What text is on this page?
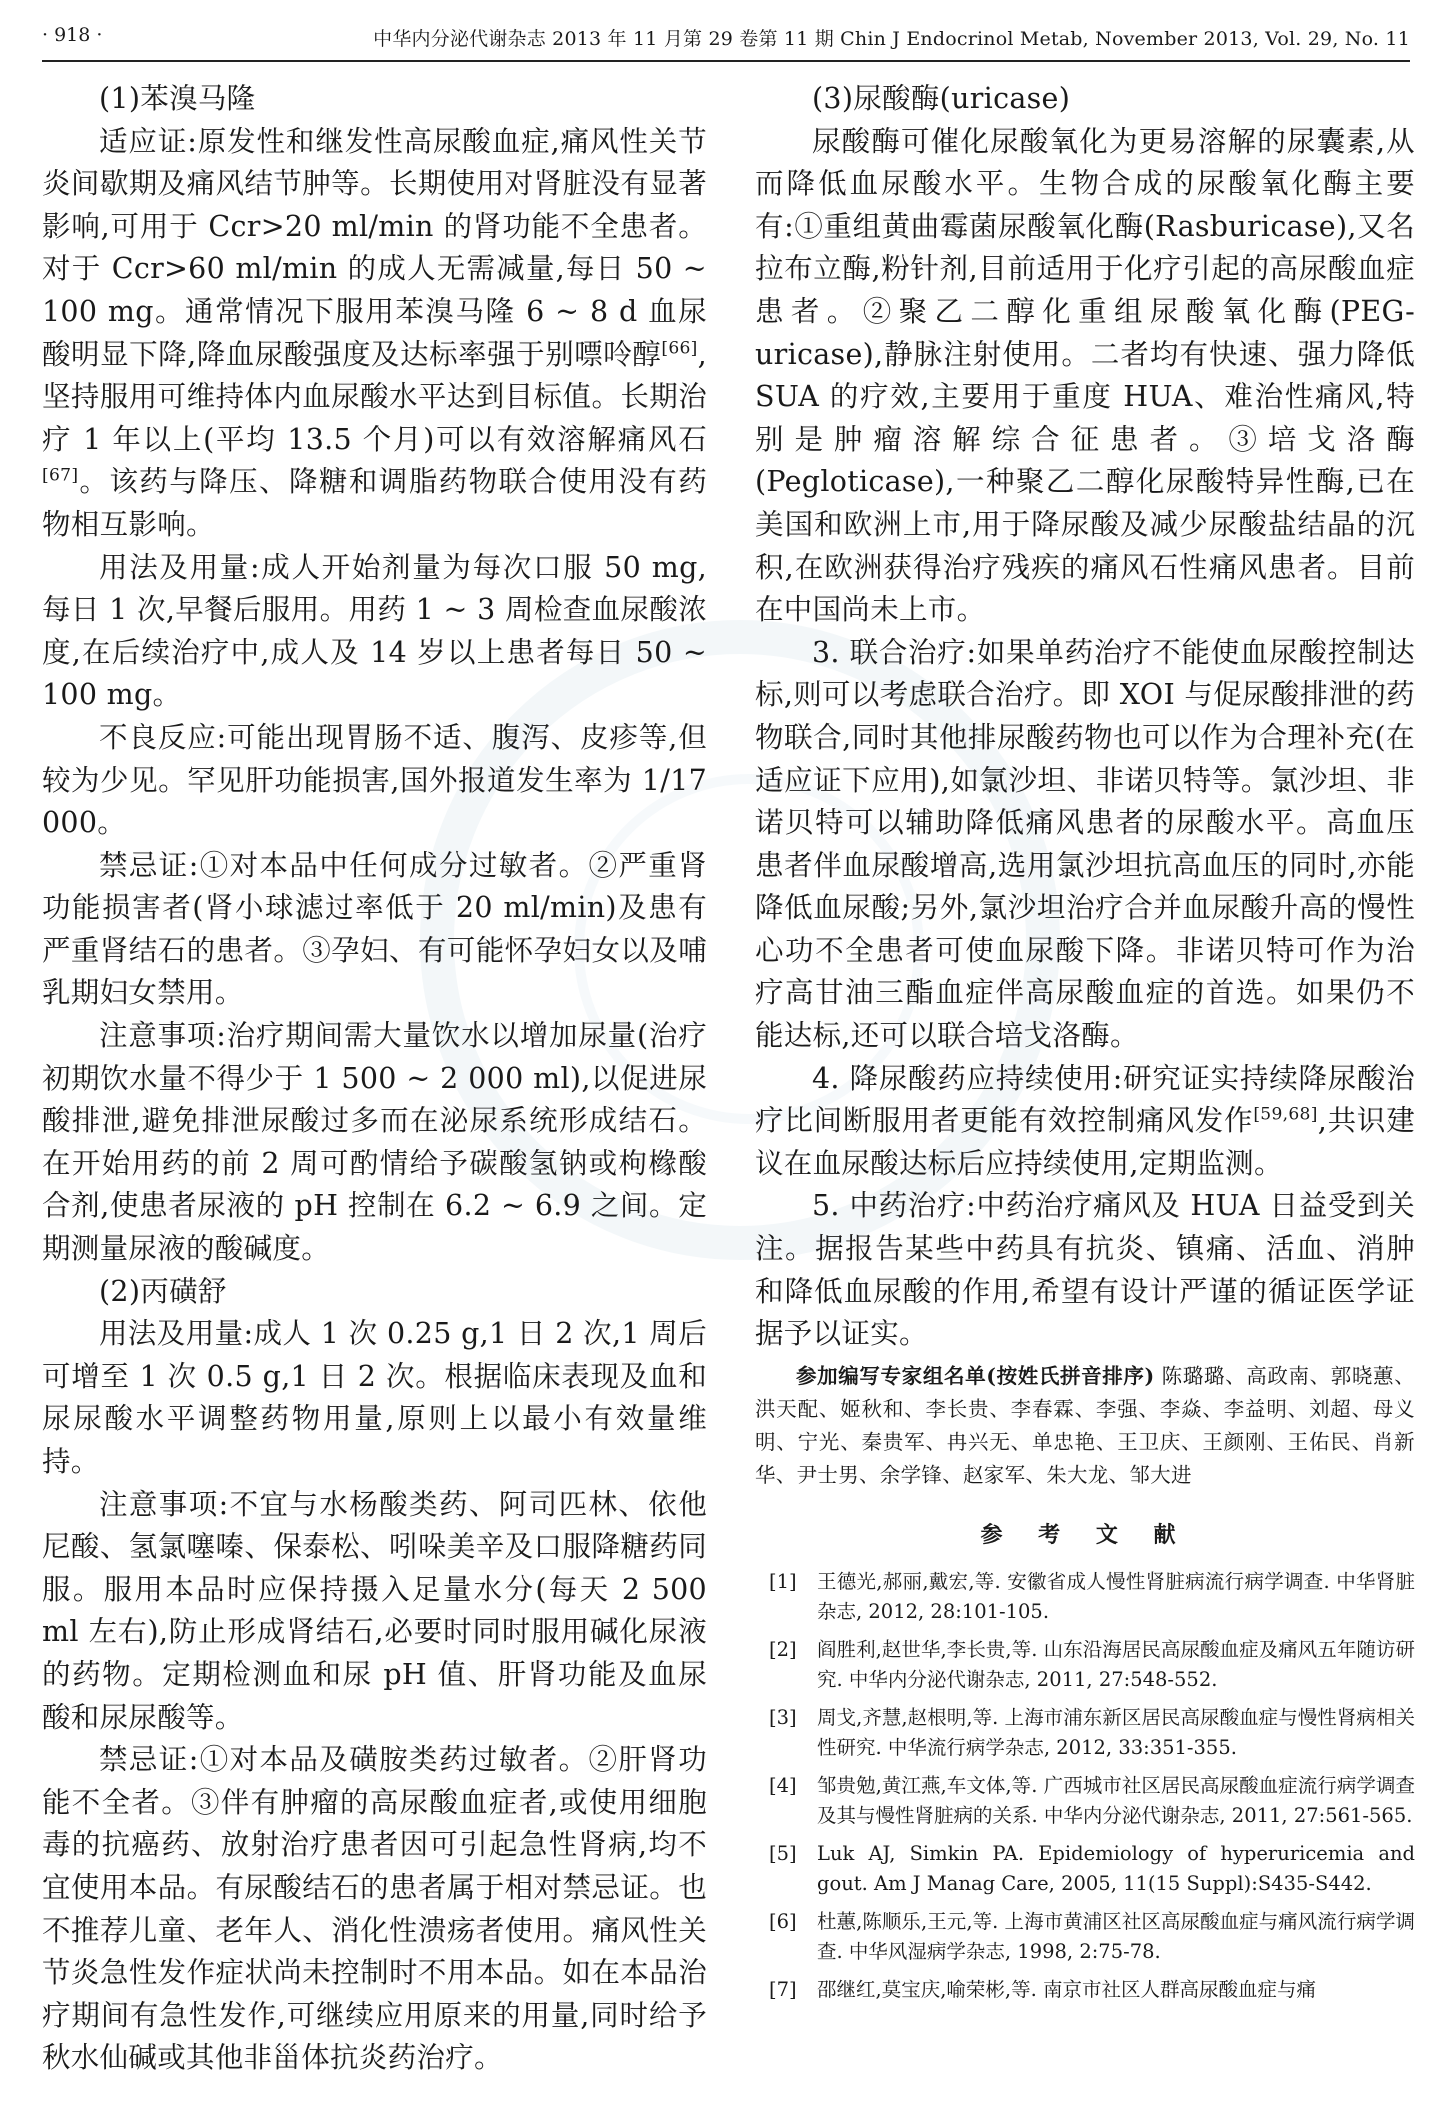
· 918 ·	中华内分泌代谢杂志 2013 年 11 月第 29 卷第 11 期 Chin J Endocrinol Metab, November 2013, Vol. 29, No. 11

(1)苯溴马隆

适应证:原发性和继发性高尿酸血症,痛风性关节炎间歇期及痛风结节肿等。长期使用对肾脏没有显著影响,可用于 Ccr>20 ml/min 的肾功能不全患者。对于 Ccr>60 ml/min 的成人无需减量,每日 50 ~ 100 mg。通常情况下服用苯溴马隆 6 ~ 8 d 血尿酸明显下降,降血尿酸强度及达标率强于别嘌呤醇[66],坚持服用可维持体内血尿酸水平达到目标值。长期治疗 1 年以上(平均 13.5 个月)可以有效溶解痛风石[67]。该药与降压、降糖和调脂药物联合使用没有药物相互影响。

用法及用量:成人开始剂量为每次口服 50 mg,每日 1 次,早餐后服用。用药 1 ~ 3 周检查血尿酸浓度,在后续治疗中,成人及 14 岁以上患者每日 50 ~ 100 mg。

不良反应:可能出现胃肠不适、腹泻、皮疹等,但较为少见。罕见肝功能损害,国外报道发生率为 1/17 000。

禁忌证:①对本品中任何成分过敏者。②严重肾功能损害者(肾小球滤过率低于 20 ml/min)及患有严重肾结石的患者。③孕妇、有可能怀孕妇女以及哺乳期妇女禁用。

注意事项:治疗期间需大量饮水以增加尿量(治疗初期饮水量不得少于 1 500 ~ 2 000 ml),以促进尿酸排泄,避免排泄尿酸过多而在泌尿系统形成结石。在开始用药的前 2 周可酌情给予碳酸氢钠或枸橼酸合剂,使患者尿液的 pH 控制在 6.2 ~ 6.9 之间。定期测量尿液的酸碱度。

(2)丙磺舒

用法及用量:成人 1 次 0.25 g,1 日 2 次,1 周后可增至 1 次 0.5 g,1 日 2 次。根据临床表现及血和尿尿酸水平调整药物用量,原则上以最小有效量维持。

注意事项:不宜与水杨酸类药、阿司匹林、依他尼酸、氢氯噻嗪、保泰松、吲哚美辛及口服降糖药同服。服用本品时应保持摄入足量水分(每天 2 500 ml 左右),防止形成肾结石,必要时同时服用碱化尿液的药物。定期检测血和尿 pH 值、肝肾功能及血尿酸和尿尿酸等。

禁忌证:①对本品及磺胺类药过敏者。②肝肾功能不全者。③伴有肿瘤的高尿酸血症者,或使用细胞毒的抗癌药、放射治疗患者因可引起急性肾病,均不宜使用本品。有尿酸结石的患者属于相对禁忌证。也不推荐儿童、老年人、消化性溃疡者使用。痛风性关节炎急性发作症状尚未控制时不用本品。如在本品治疗期间有急性发作,可继续应用原来的用量,同时给予秋水仙碱或其他非甾体抗炎药治疗。

(3)尿酸酶(uricase)

尿酸酶可催化尿酸氧化为更易溶解的尿囊素,从而降低血尿酸水平。生物合成的尿酸氧化酶主要有:①重组黄曲霉菌尿酸氧化酶(Rasburicase),又名拉布立酶,粉针剂,目前适用于化疗引起的高尿酸血症患者。②聚乙二醇化重组尿酸氧化酶(PEG-uricase),静脉注射使用。二者均有快速、强力降低 SUA 的疗效,主要用于重度 HUA、难治性痛风,特别是肿瘤溶解综合征患者。③培戈洛酶(Pegloticase),一种聚乙二醇化尿酸特异性酶,已在美国和欧洲上市,用于降尿酸及减少尿酸盐结晶的沉积,在欧洲获得治疗残疾的痛风石性痛风患者。目前在中国尚未上市。

3. 联合治疗:如果单药治疗不能使血尿酸控制达标,则可以考虑联合治疗。即 XOI 与促尿酸排泄的药物联合,同时其他排尿酸药物也可以作为合理补充(在适应证下应用),如氯沙坦、非诺贝特等。氯沙坦、非诺贝特可以辅助降低痛风患者的尿酸水平。高血压患者伴血尿酸增高,选用氯沙坦抗高血压的同时,亦能降低血尿酸;另外,氯沙坦治疗合并血尿酸升高的慢性心功不全患者可使血尿酸下降。非诺贝特可作为治疗高甘油三酯血症伴高尿酸血症的首选。如果仍不能达标,还可以联合培戈洛酶。

4. 降尿酸药应持续使用:研究证实持续降尿酸治疗比间断服用者更能有效控制痛风发作[59,68],共识建议在血尿酸达标后应持续使用,定期监测。

5. 中药治疗:中药治疗痛风及 HUA 日益受到关注。据报告某些中药具有抗炎、镇痛、活血、消肿和降低血尿酸的作用,希望有设计严谨的循证医学证据予以证实。

参加编写专家组名单(按姓氏拼音排序) 陈璐璐、高政南、郭晓蕙、洪天配、姬秋和、李长贵、李春霖、李强、李焱、李益明、刘超、母义明、宁光、秦贵军、冉兴无、单忠艳、王卫庆、王颜刚、王佑民、肖新华、尹士男、余学锋、赵家军、朱大龙、邹大进

参 考 文 献
[1] 王德光,郝丽,戴宏,等. 安徽省成人慢性肾脏病流行病学调查. 中华肾脏杂志, 2012, 28:101-105.
[2] 阎胜利,赵世华,李长贵,等. 山东沿海居民高尿酸血症及痛风五年随访研究. 中华内分泌代谢杂志, 2011, 27:548-552.
[3] 周戈,齐慧,赵根明,等. 上海市浦东新区居民高尿酸血症与慢性肾病相关性研究. 中华流行病学杂志, 2012, 33:351-355.
[4] 邹贵勉,黄江燕,车文体,等. 广西城市社区居民高尿酸血症流行病学调查及其与慢性肾脏病的关系. 中华内分泌代谢杂志, 2011, 27:561-565.
[5] Luk AJ, Simkin PA. Epidemiology of hyperuricemia and gout. Am J Manag Care, 2005, 11(15 Suppl):S435-S442.
[6] 杜蕙,陈顺乐,王元,等. 上海市黄浦区社区高尿酸血症与痛风流行病学调查. 中华风湿病学杂志, 1998, 2:75-78.
[7] 邵继红,莫宝庆,喻荣彬,等. 南京市社区人群高尿酸血症与痛
